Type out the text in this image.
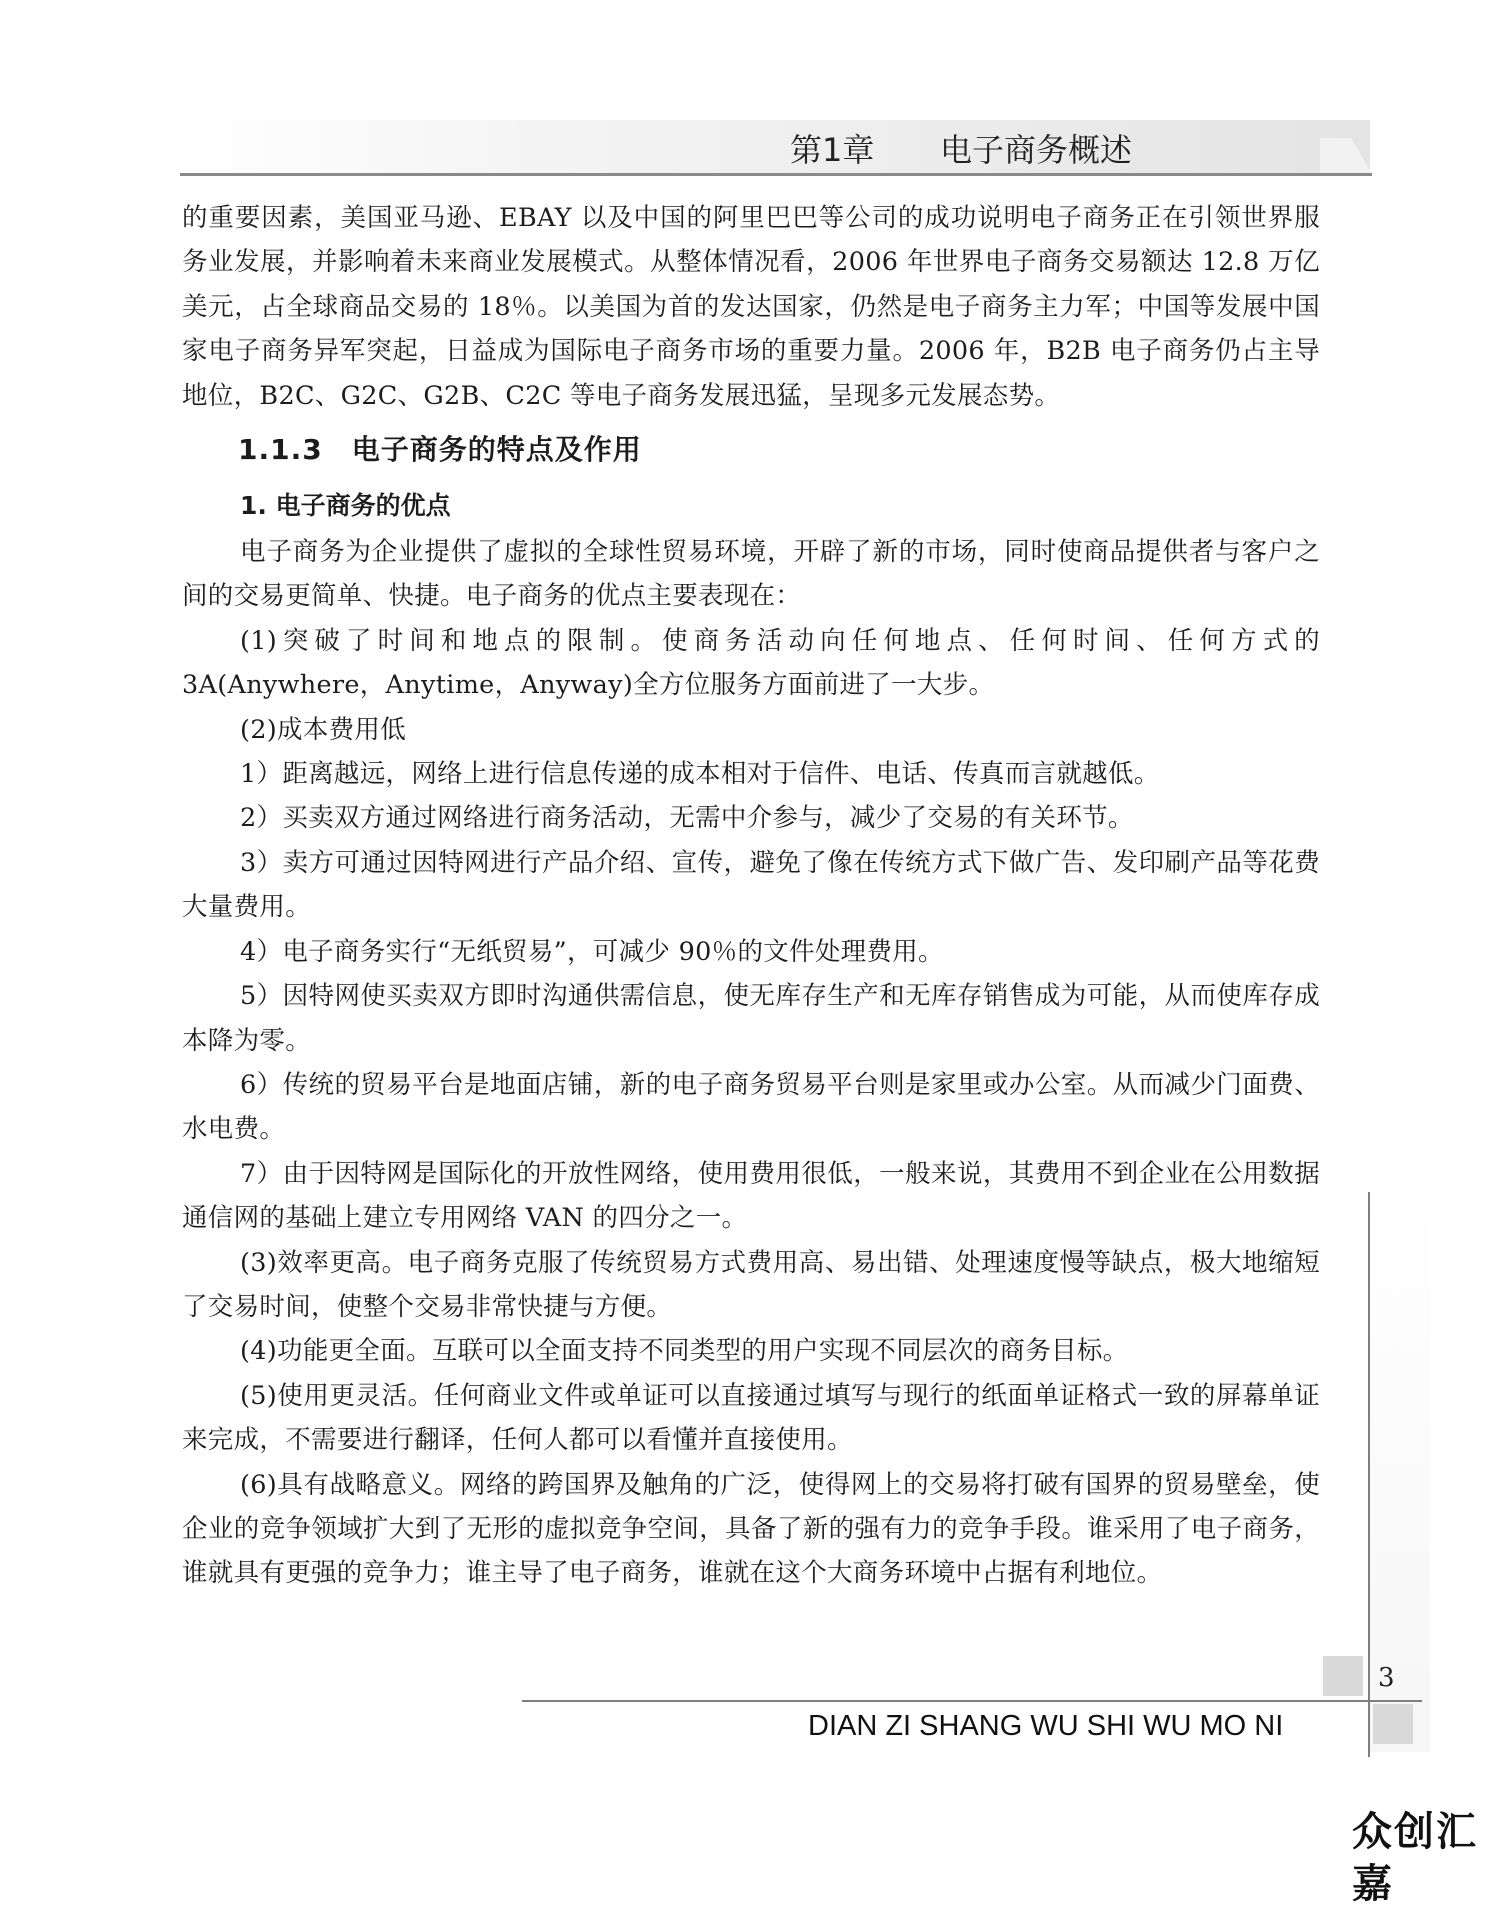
第1章 电子商务概述

的重要因素，美国亚马逊、EBAY 以及中国的阿里巴巴等公司的成功说明电子商务正在引领世界服务业发展，并影响着未来商业发展模式。从整体情况看，2006 年世界电子商务交易额达 12.8 万亿美元，占全球商品交易的 18％。以美国为首的发达国家，仍然是电子商务主力军；中国等发展中国家电子商务异军突起，日益成为国际电子商务市场的重要力量。2006 年，B2B 电子商务仍占主导地位，B2C、G2C、G2B、C2C 等电子商务发展迅猛，呈现多元发展态势。

1.1.3　电子商务的特点及作用
1. 电子商务的优点

电子商务为企业提供了虚拟的全球性贸易环境，开辟了新的市场，同时使商品提供者与客户之间的交易更简单、快捷。电子商务的优点主要表现在：

(1)突破了时间和地点的限制。使商务活动向任何地点、任何时间、任何方式的 3A(Anywhere，Anytime，Anyway)全方位服务方面前进了一大步。

(2)成本费用低

1）距离越远，网络上进行信息传递的成本相对于信件、电话、传真而言就越低。

2）买卖双方通过网络进行商务活动，无需中介参与，减少了交易的有关环节。

3）卖方可通过因特网进行产品介绍、宣传，避免了像在传统方式下做广告、发印刷产品等花费大量费用。

4）电子商务实行“无纸贸易”，可减少 90％的文件处理费用。

5）因特网使买卖双方即时沟通供需信息，使无库存生产和无库存销售成为可能，从而使库存成本降为零。

6）传统的贸易平台是地面店铺，新的电子商务贸易平台则是家里或办公室。从而减少门面费、水电费。

7）由于因特网是国际化的开放性网络，使用费用很低，一般来说，其费用不到企业在公用数据通信网的基础上建立专用网络 VAN 的四分之一。

(3)效率更高。电子商务克服了传统贸易方式费用高、易出错、处理速度慢等缺点，极大地缩短了交易时间，使整个交易非常快捷与方便。

(4)功能更全面。互联可以全面支持不同类型的用户实现不同层次的商务目标。

(5)使用更灵活。任何商业文件或单证可以直接通过填写与现行的纸面单证格式一致的屏幕单证来完成，不需要进行翻译，任何人都可以看懂并直接使用。

(6)具有战略意义。网络的跨国界及触角的广泛，使得网上的交易将打破有国界的贸易壁垒，使企业的竞争领域扩大到了无形的虚拟竞争空间，具备了新的强有力的竞争手段。谁采用了电子商务，谁就具有更强的竞争力；谁主导了电子商务，谁就在这个大商务环境中占据有利地位。

3
DIAN ZI SHANG WU SHI WU MO NI
众创汇嘉
